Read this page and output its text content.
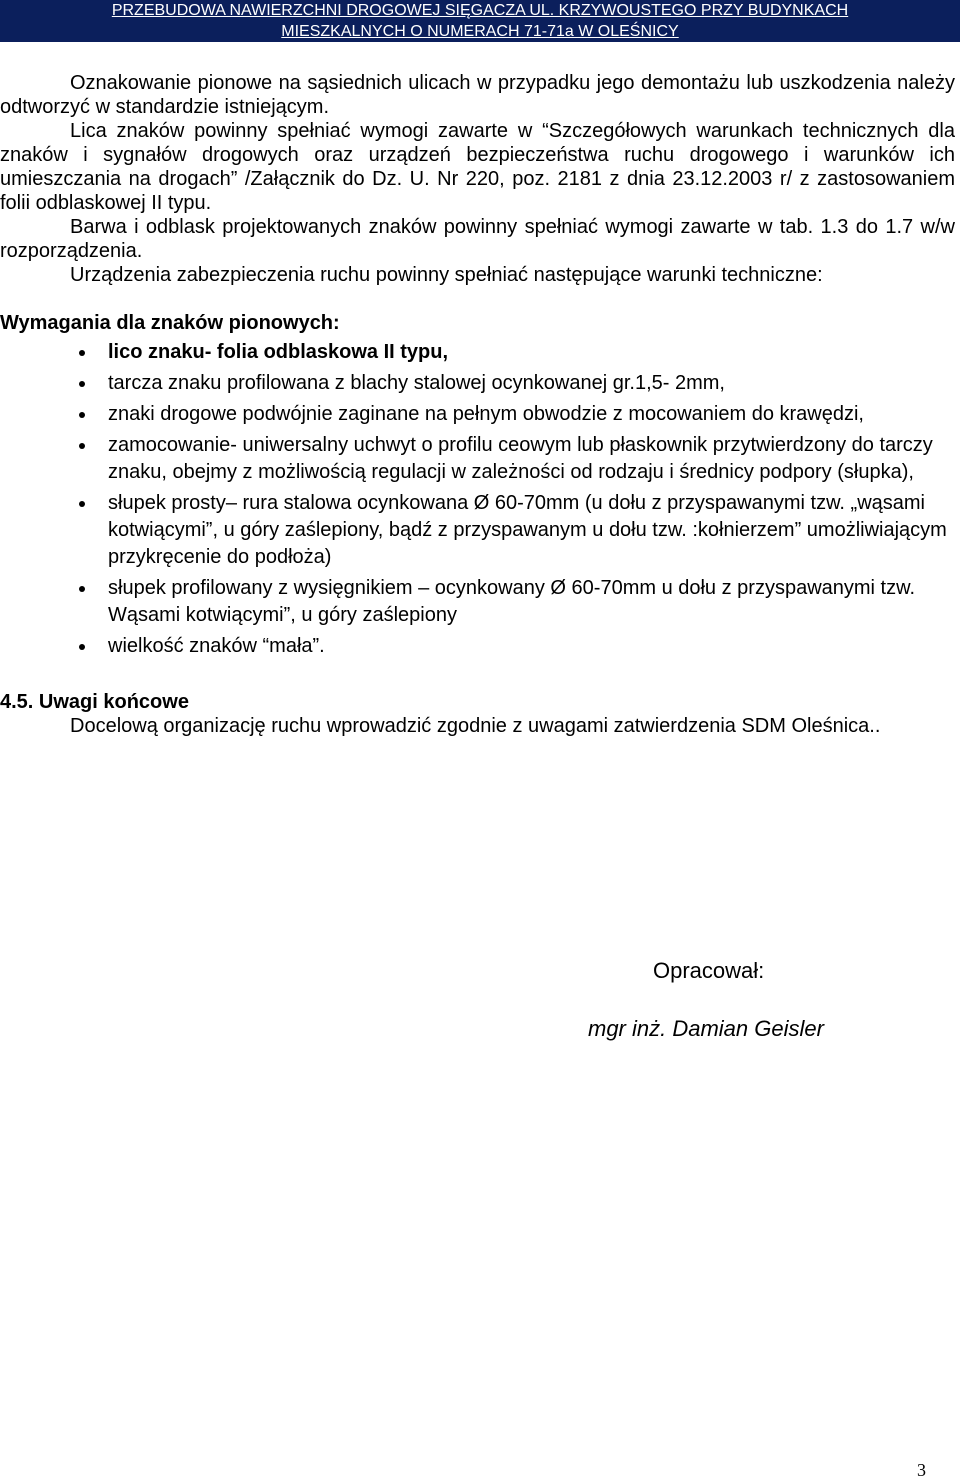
PRZEBUDOWA NAWIERZCHNI DROGOWEJ SIĘGACZA UL. KRZYWOUSTEGO PRZY BUDYNKACH
MIESZKALNYCH O NUMERACH 71-71a W OLEŚNICY

Oznakowanie pionowe na sąsiednich ulicach w przypadku jego demontażu lub uszkodzenia należy odtworzyć w standardzie istniejącym.

Lica znaków powinny spełniać wymogi zawarte w “Szczegółowych warunkach technicznych dla znaków i sygnałów drogowych oraz urządzeń bezpieczeństwa ruchu drogowego i warunków ich umieszczania na drogach” /Załącznik do Dz. U. Nr 220, poz. 2181 z dnia 23.12.2003 r/ z zastosowaniem folii odblaskowej II typu.

Barwa i odblask projektowanych znaków powinny spełniać wymogi zawarte w tab. 1.3 do 1.7 w/w rozporządzenia.

Urządzenia zabezpieczenia ruchu powinny spełniać następujące warunki techniczne:

Wymagania dla znaków pionowych:

lico znaku- folia odblaskowa II typu,
tarcza znaku profilowana z blachy stalowej ocynkowanej gr.1,5- 2mm,
znaki drogowe podwójnie zaginane na pełnym obwodzie z mocowaniem do krawędzi,
zamocowanie- uniwersalny uchwyt o profilu ceowym lub płaskownik przytwierdzony do tarczy znaku, obejmy z możliwością regulacji w zależności od rodzaju i średnicy podpory (słupka),
słupek prosty– rura stalowa ocynkowana Ø 60-70mm (u dołu z przyspawanymi tzw. „wąsami kotwiącymi”, u góry zaślepiony, bądź z przyspawanym u dołu tzw. :kołnierzem” umożliwiającym przykręcenie do podłoża)
słupek profilowany z wysięgnikiem – ocynkowany Ø 60-70mm u dołu z przyspawanymi tzw. Wąsami kotwiącymi”, u góry zaślepiony
wielkość znaków “mała”.

4.5. Uwagi końcowe

Docelową organizację ruchu wprowadzić zgodnie z uwagami zatwierdzenia SDM Oleśnica..

Opracował:
mgr inż. Damian Geisler
3
